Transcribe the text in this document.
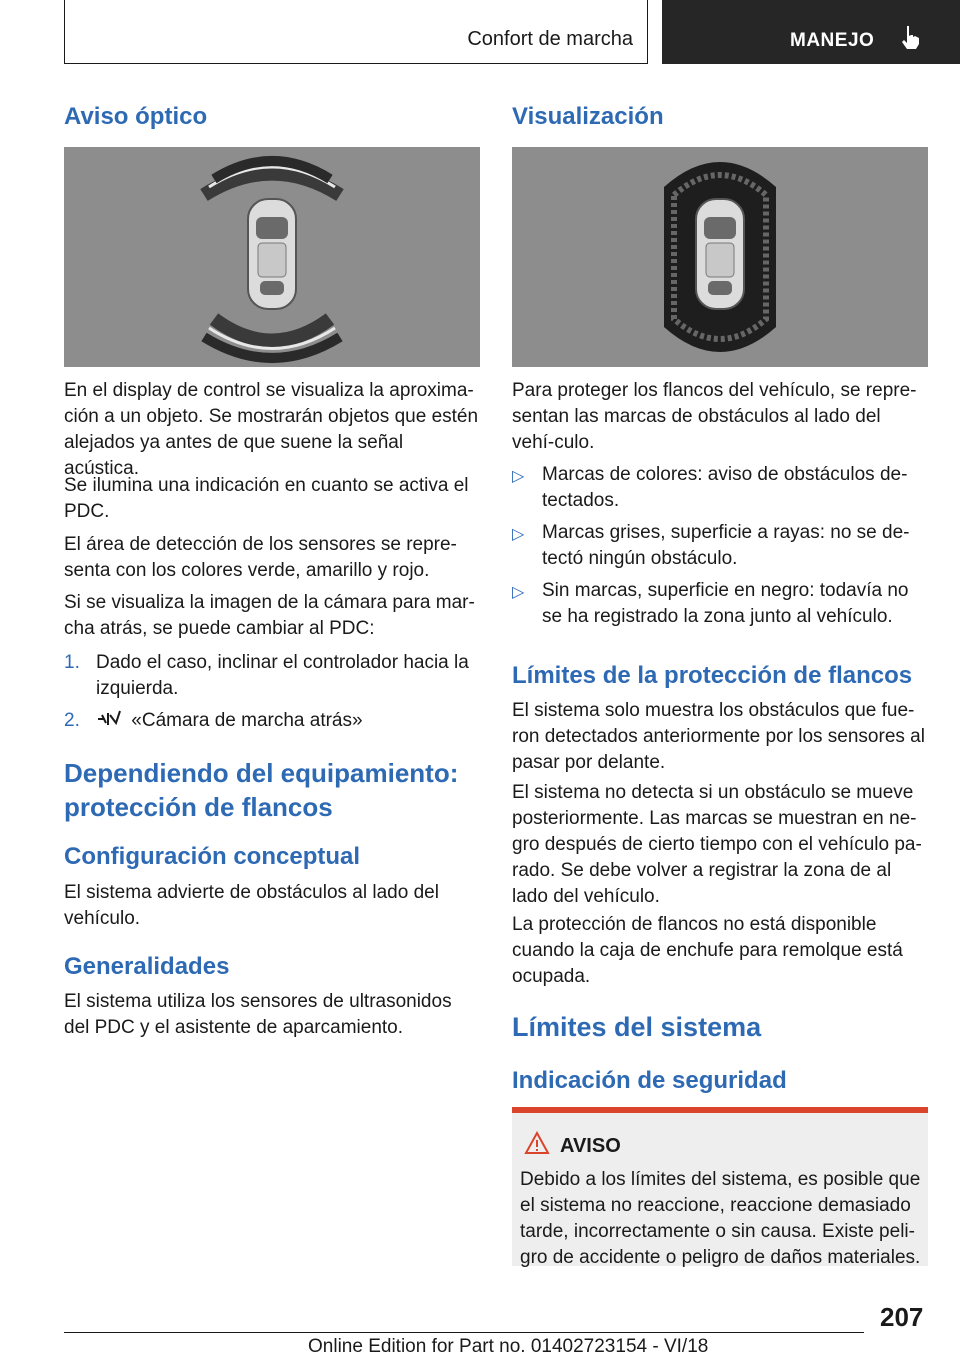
Confort de marcha	MANEJO
Aviso óptico

En el display de control se visualiza la aproxima-ción a un objeto. Se mostrarán objetos que estén alejados ya antes de que suene la señal acústica.

Se ilumina una indicación en cuanto se activa el PDC.

El área de detección de los sensores se repre-senta con los colores verde, amarillo y rojo.

Si se visualiza la imagen de la cámara para mar-cha atrás, se puede cambiar al PDC:

1. Dado el caso, inclinar el controlador hacia la izquierda.
2.	«Cámara de marcha atrás»
Dependiendo del equipamiento: protección de flancos
Configuración conceptual

El sistema advierte de obstáculos al lado del vehículo.

Generalidades

El sistema utiliza los sensores de ultrasonidos del PDC y el asistente de aparcamiento.

Visualización

Para proteger los flancos del vehículo, se repre-sentan las marcas de obstáculos al lado del vehí-culo.

▷ Marcas de colores: aviso de obstáculos de-tectados.
▷ Marcas grises, superficie a rayas: no se de-tectó ningún obstáculo.
▷ Sin marcas, superficie en negro: todavía no se ha registrado la zona junto al vehículo.
Límites de la protección de flancos

El sistema solo muestra los obstáculos que fue-ron detectados anteriormente por los sensores al pasar por delante.

El sistema no detecta si un obstáculo se mueve posteriormente. Las marcas se muestran en ne-gro después de cierto tiempo con el vehículo pa-rado. Se debe volver a registrar la zona de al lado del vehículo.

La protección de flancos no está disponible cuando la caja de enchufe para remolque está ocupada.

Límites del sistema
Indicación de seguridad
AVISO

Debido a los límites del sistema, es posible que el sistema no reaccione, reaccione demasiado tarde, incorrectamente o sin causa. Existe peli-gro de accidente o peligro de daños materiales.

207
Online Edition for Part no. 01402723154 - VI/18
